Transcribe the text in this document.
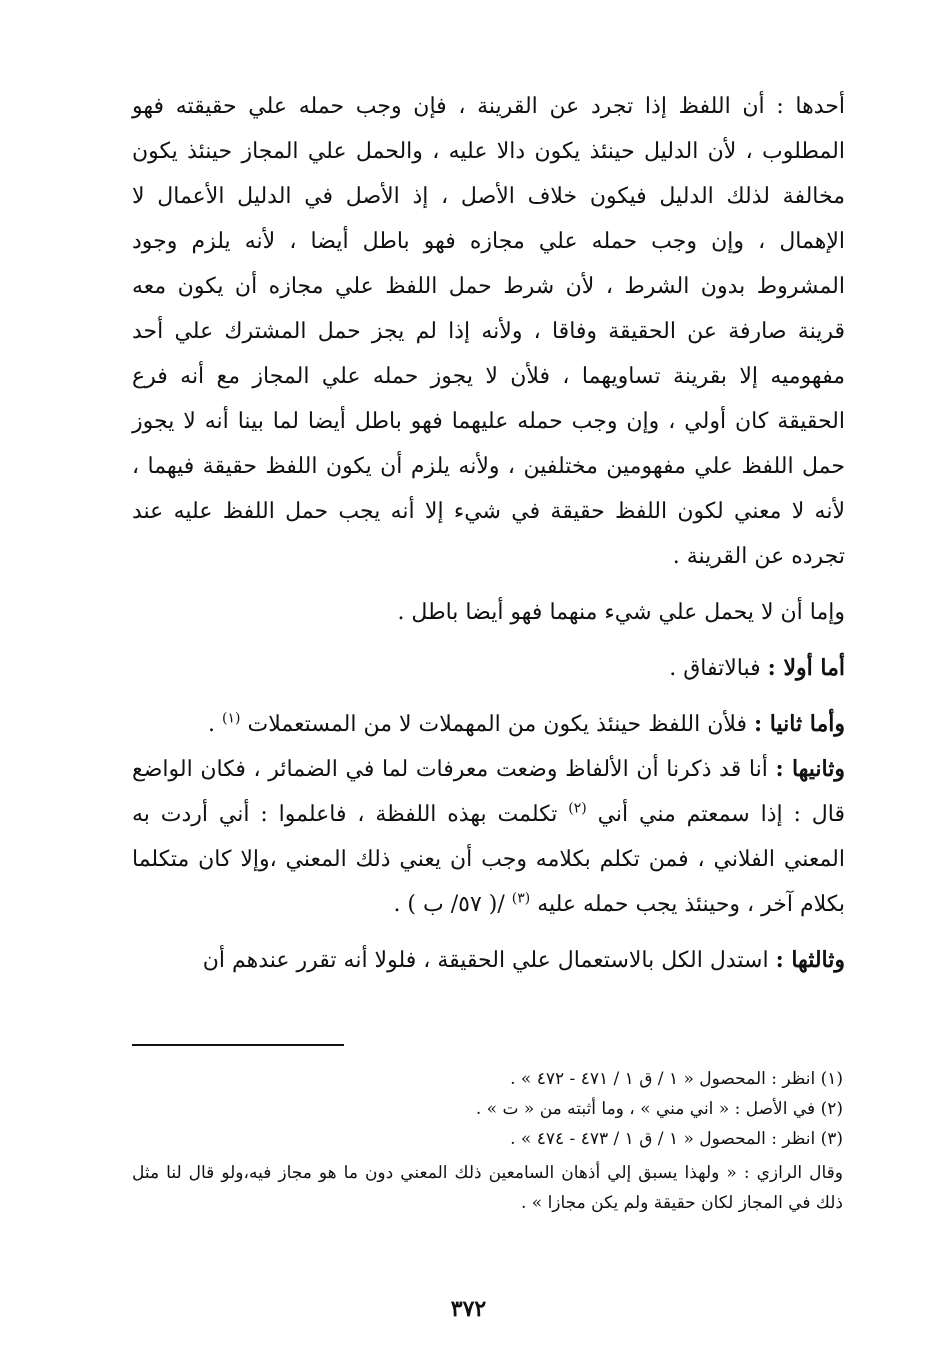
أحدها : أن اللفظ إذا تجرد عن القرينة ، فإن وجب حمله علي حقيقته فهو المطلوب ، لأن الدليل حينئذ يكون دالا عليه ، والحمل علي المجاز حينئذ يكون مخالفة لذلك الدليل فيكون خلاف الأصل ، إذ الأصل في الدليل الأعمال لا الإهمال ، وإن وجب حمله علي مجازه فهو باطل أيضا ، لأنه يلزم وجود المشروط بدون الشرط ، لأن شرط حمل اللفظ علي مجازه أن يكون معه قرينة صارفة عن الحقيقة وفاقا ، ولأنه إذا لم يجز حمل المشترك علي أحد مفهوميه إلا بقرينة تساويهما ، فلأن لا يجوز حمله علي المجاز مع أنه فرع الحقيقة كان أولي ، وإن وجب حمله عليهما فهو باطل أيضا لما بينا أنه لا يجوز حمل اللفظ علي مفهومين مختلفين ، ولأنه يلزم أن يكون اللفظ حقيقة فيهما ، لأنه لا معني لكون اللفظ حقيقة في شيء إلا أنه يجب حمل اللفظ عليه عند تجرده عن القرينة .

وإما أن لا يحمل علي شيء منهما فهو أيضا باطل .

أما أولا : فبالاتفاق .

وأما ثانيا : فلأن اللفظ حينئذ يكون من المهملات لا من المستعملات $^{(١)}$ .

وثانيها : أنا قد ذكرنا أن الألفاظ وضعت معرفات لما في الضمائر ، فكان الواضع قال : إذا سمعتم مني أني $^{(٢)}$ تكلمت بهذه اللفظة ، فاعلموا : أني أردت به المعني الفلاني ، فمن تكلم بكلامه وجب أن يعني ذلك المعني ،وإلا كان متكلما بكلام آخر ، وحينئذ يجب حمله عليه $^{(٣)}$ /( ٥٧/ ب ) .

وثالثها : استدل الكل بالاستعمال علي الحقيقة ، فلولا أنه تقرر عندهم أن

(١) انظر : المحصول « ١ / ق ١ / ٤٧١ - ٤٧٢ » .

(٢) في الأصل : « اني مني » ، وما أثبته من « ت » .

(٣) انظر : المحصول « ١ / ق ١ / ٤٧٣ - ٤٧٤ » .

وقال الرازي : « ولهذا يسبق إلي أذهان السامعين ذلك المعني دون ما هو مجاز فيه،ولو قال لنا مثل ذلك في المجاز لكان حقيقة ولم يكن مجازا » .

٣٧٢
